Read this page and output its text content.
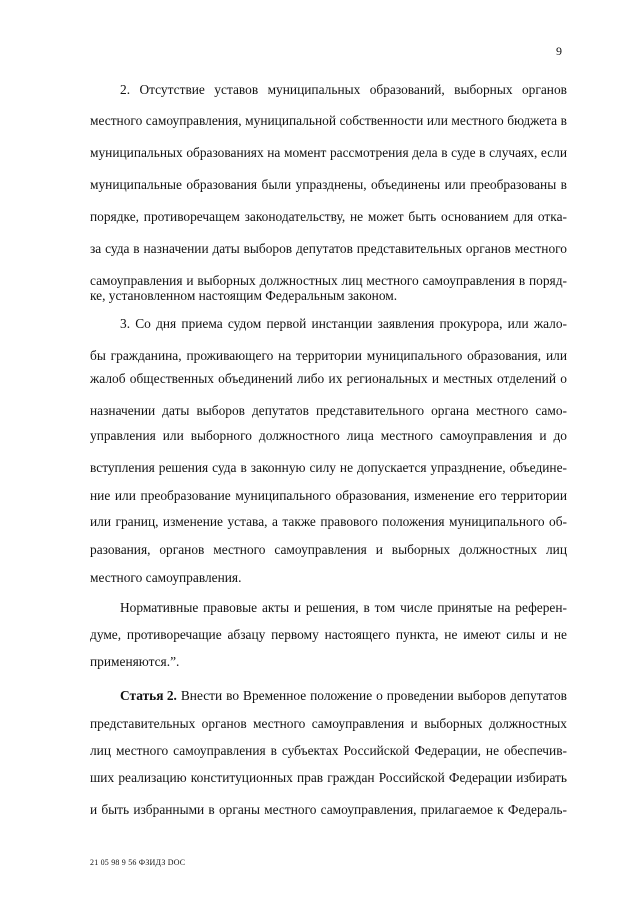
9
2. Отсутствие уставов муниципальных образований, выборных органов
местного самоуправления, муниципальной собственности или местного бюджета в
муниципальных образованиях на момент рассмотрения дела в суде в случаях, если
муниципальные образования были упразднены, объединены или преобразованы в
порядке, противоречащем законодательству, не может быть основанием для отка-
за суда в назначении даты выборов депутатов представительных органов местного
самоуправления и выборных должностных лиц местного самоуправления в поряд-
ке, установленном настоящим Федеральным законом.
3. Со дня приема судом первой инстанции заявления прокурора, или жало-
бы гражданина, проживающего на территории муниципального образования, или
жалоб общественных объединений либо их региональных и местных отделений о
назначении даты выборов депутатов представительного органа местного само-
управления или выборного должностного лица местного самоуправления и до
вступления решения суда в законную силу не допускается упразднение, объедине-
ние или преобразование муниципального образования, изменение его территории
или границ, изменение устава, а также правового положения муниципального об-
разования, органов местного самоуправления и выборных должностных лиц
местного самоуправления.
Нормативные правовые акты и решения, в том числе принятые на референ-
думе, противоречащие абзацу первому настоящего пункта, не имеют силы и не
применяются.”.
Статья 2. Внести во Временное положение о проведении выборов депутатов
представительных органов местного самоуправления и выборных должностных
лиц местного самоуправления в субъектах Российской Федерации, не обеспечив-
ших реализацию конституционных прав граждан Российской Федерации избирать
и быть избранными в органы местного самоуправления, прилагаемое к Федераль-
21 05 98 9 56 ФЗИДЗ DOC
